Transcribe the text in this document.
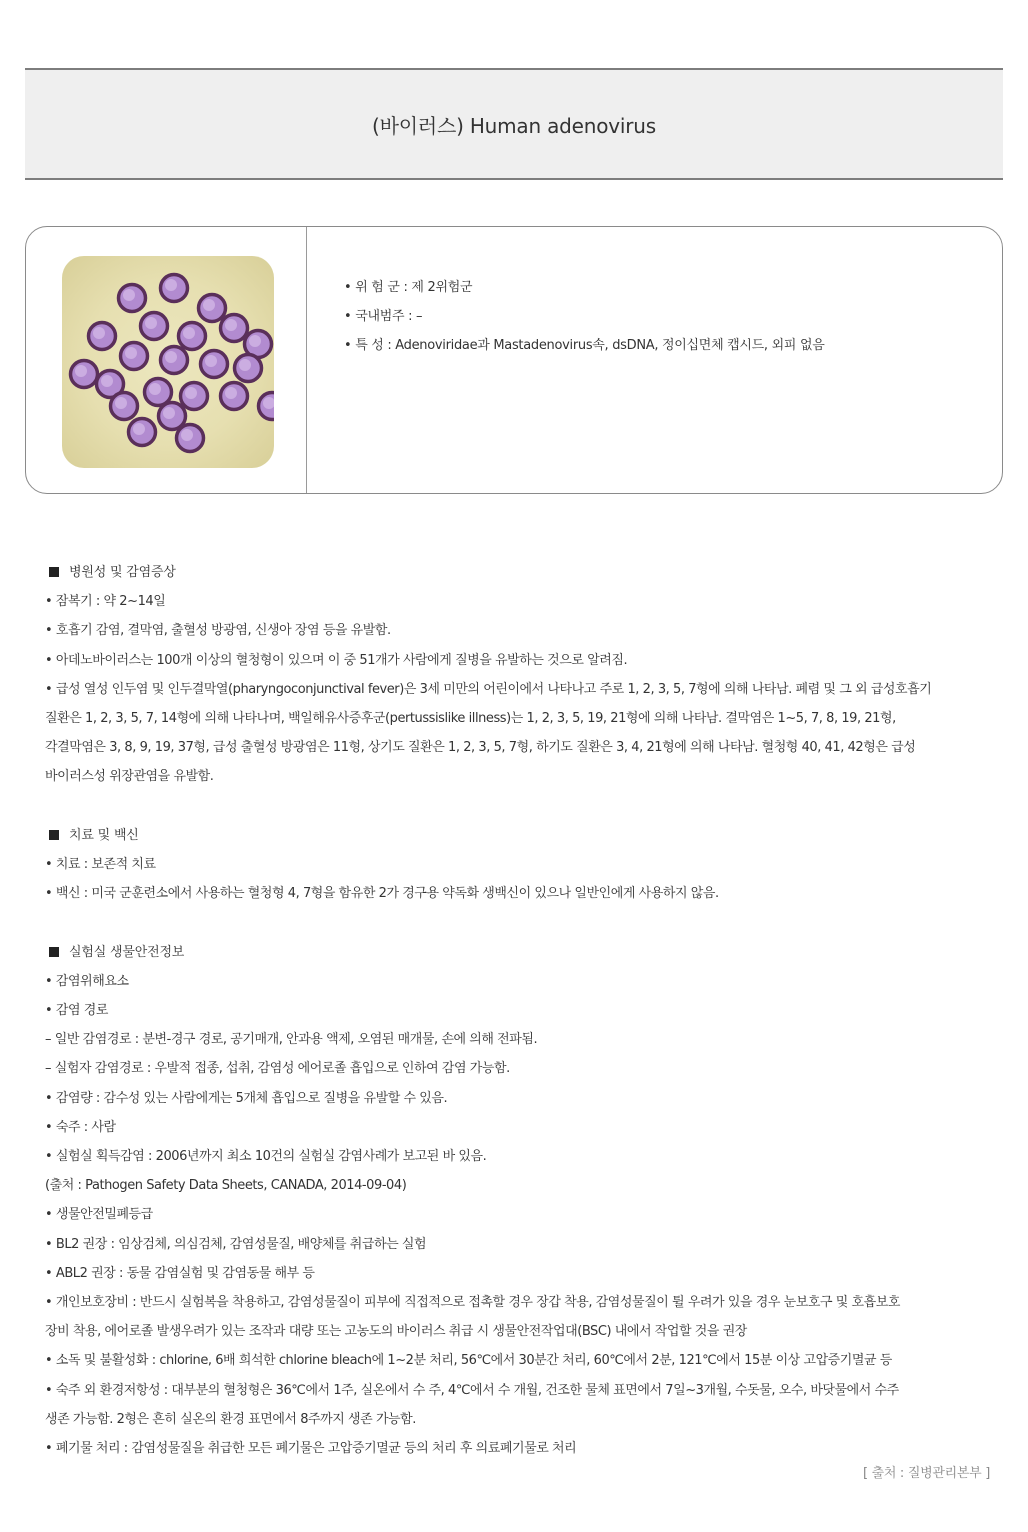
(바이러스) Human adenovirus
• 위 험 군 : 제 2위험군
• 국내범주 : –
• 특 성 : Adenoviridae과 Mastadenovirus속, dsDNA, 정이십면체 캡시드, 외피 없음
병원성 및 감염증상
• 잠복기 : 약 2~14일
• 호흡기 감염, 결막염, 출혈성 방광염, 신생아 장염 등을 유발함.
• 아데노바이러스는 100개 이상의 혈청형이 있으며 이 중 51개가 사람에게 질병을 유발하는 것으로 알려짐.
• 급성 열성 인두염 및 인두결막열(pharyngoconjunctival fever)은 3세 미만의 어린이에서 나타나고 주로 1, 2, 3, 5, 7형에 의해 나타남. 폐렴 및 그 외 급성호흡기
질환은 1, 2, 3, 5, 7, 14형에 의해 나타나며, 백일해유사증후군(pertussislike illness)는 1, 2, 3, 5, 19, 21형에 의해 나타남. 결막염은 1~5, 7, 8, 19, 21형,
각결막염은 3, 8, 9, 19, 37형, 급성 출혈성 방광염은 11형, 상기도 질환은 1, 2, 3, 5, 7형, 하기도 질환은 3, 4, 21형에 의해 나타남. 혈청형 40, 41, 42형은 급성
바이러스성 위장관염을 유발함.
치료 및 백신
• 치료 : 보존적 치료
• 백신 : 미국 군훈련소에서 사용하는 혈청형 4, 7형을 함유한 2가 경구용 약독화 생백신이 있으나 일반인에게 사용하지 않음.
실험실 생물안전정보
• 감염위해요소
• 감염 경로
– 일반 감염경로 : 분변-경구 경로, 공기매개, 안과용 액제, 오염된 매개물, 손에 의해 전파됨.
– 실험자 감염경로 : 우발적 접종, 섭취, 감염성 에어로졸 흡입으로 인하여 감염 가능함.
• 감염량 : 감수성 있는 사람에게는 5개체 흡입으로 질병을 유발할 수 있음.
• 숙주 : 사람
• 실험실 획득감염 : 2006년까지 최소 10건의 실험실 감염사례가 보고된 바 있음.
(출처 : Pathogen Safety Data Sheets, CANADA, 2014-09-04)
• 생물안전밀폐등급
• BL2 권장 : 임상검체, 의심검체, 감염성물질, 배양체를 취급하는 실험
• ABL2 권장 : 동물 감염실험 및 감염동물 해부 등
• 개인보호장비 : 반드시 실험복을 착용하고, 감염성물질이 피부에 직접적으로 접촉할 경우 장갑 착용, 감염성물질이 튈 우려가 있을 경우 눈보호구 및 호흡보호
장비 착용, 에어로졸 발생우려가 있는 조작과 대량 또는 고농도의 바이러스 취급 시 생물안전작업대(BSC) 내에서 작업할 것을 권장
• 소독 및 불활성화 : chlorine, 6배 희석한 chlorine bleach에 1~2분 처리, 56℃에서 30분간 처리, 60℃에서 2분, 121℃에서 15분 이상 고압증기멸균 등
• 숙주 외 환경저항성 : 대부분의 혈청형은 36℃에서 1주, 실온에서 수 주, 4℃에서 수 개월, 건조한 물체 표면에서 7일~3개월, 수돗물, 오수, 바닷물에서 수주
생존 가능함. 2형은 흔히 실온의 환경 표면에서 8주까지 생존 가능함.
• 폐기물 처리 : 감염성물질을 취급한 모든 폐기물은 고압증기멸균 등의 처리 후 의료폐기물로 처리
[ 출처 : 질병관리본부 ]
